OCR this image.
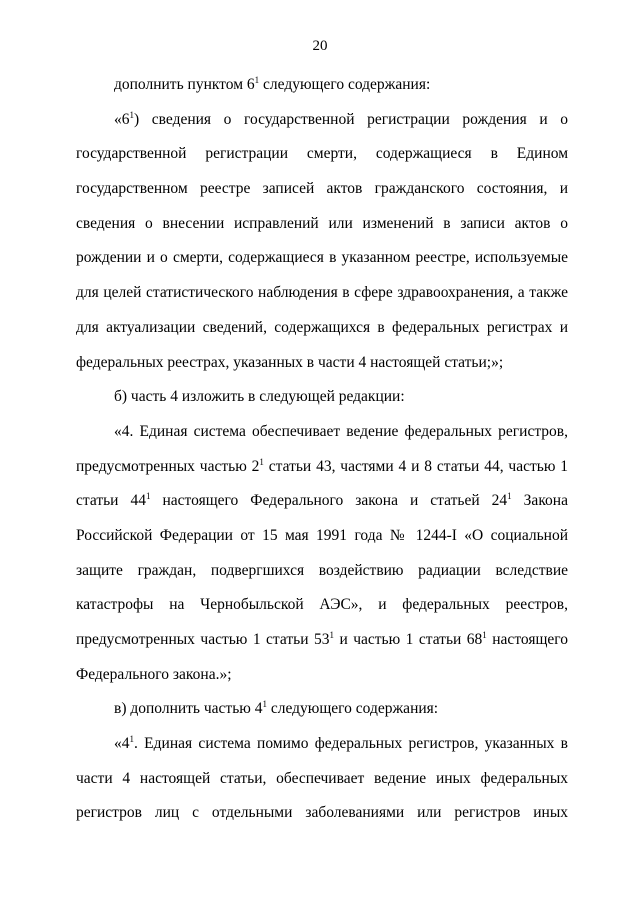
20
дополнить пунктом $6^1$ следующего содержания:
«$6^1$) сведения о государственной регистрации рождения и о
государственной регистрации смерти, содержащиеся в Едином
государственном реестре записей актов гражданского состояния, и
сведения о внесении исправлений или изменений в записи актов о
рождении и о смерти, содержащиеся в указанном реестре, используемые
для целей статистического наблюдения в сфере здравоохранения, а также
для актуализации сведений, содержащихся в федеральных регистрах и
федеральных реестрах, указанных в части 4 настоящей статьи;»;
б) часть 4 изложить в следующей редакции:
«4. Единая система обеспечивает ведение федеральных регистров,
предусмотренных частью $2^1$ статьи 43, частями 4 и 8 статьи 44, частью 1
статьи $44^1$ настоящего Федерального закона и статьей $24^1$ Закона
Российской Федерации от 15 мая 1991 года № 1244-I «О социальной
защите граждан, подвергшихся воздействию радиации вследствие
катастрофы на Чернобыльской АЭС», и федеральных реестров,
предусмотренных частью 1 статьи $53^1$ и частью 1 статьи $68^1$ настоящего
Федерального закона.»;
в) дополнить частью $4^1$ следующего содержания:
«$4^1$. Единая система помимо федеральных регистров, указанных в
части 4 настоящей статьи, обеспечивает ведение иных федеральных
регистров лиц с отдельными заболеваниями или регистров иных
